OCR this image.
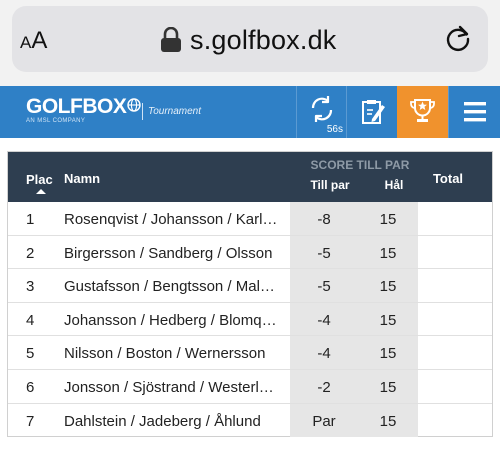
AA	s.golfbox.dk
GOLFBOX
AN MSL COMPANY
Tournament
56s
Plac Namn
SCORE TILL PAR
Till par	Hål	Total
1	Rosenqvist / Johansson / Karl…	-8	15
2	Birgersson / Sandberg / Olsson	-5	15
3	Gustafsson / Bengtsson / Mal…	-5	15
4	Johansson / Hedberg / Blomq…	-4	15
5	Nilsson / Boston / Wernersson	-4	15
6	Jonsson / Sjöstrand / Westerl…	-2	15
7	Dahlstein / Jadeberg / Åhlund	Par	15
